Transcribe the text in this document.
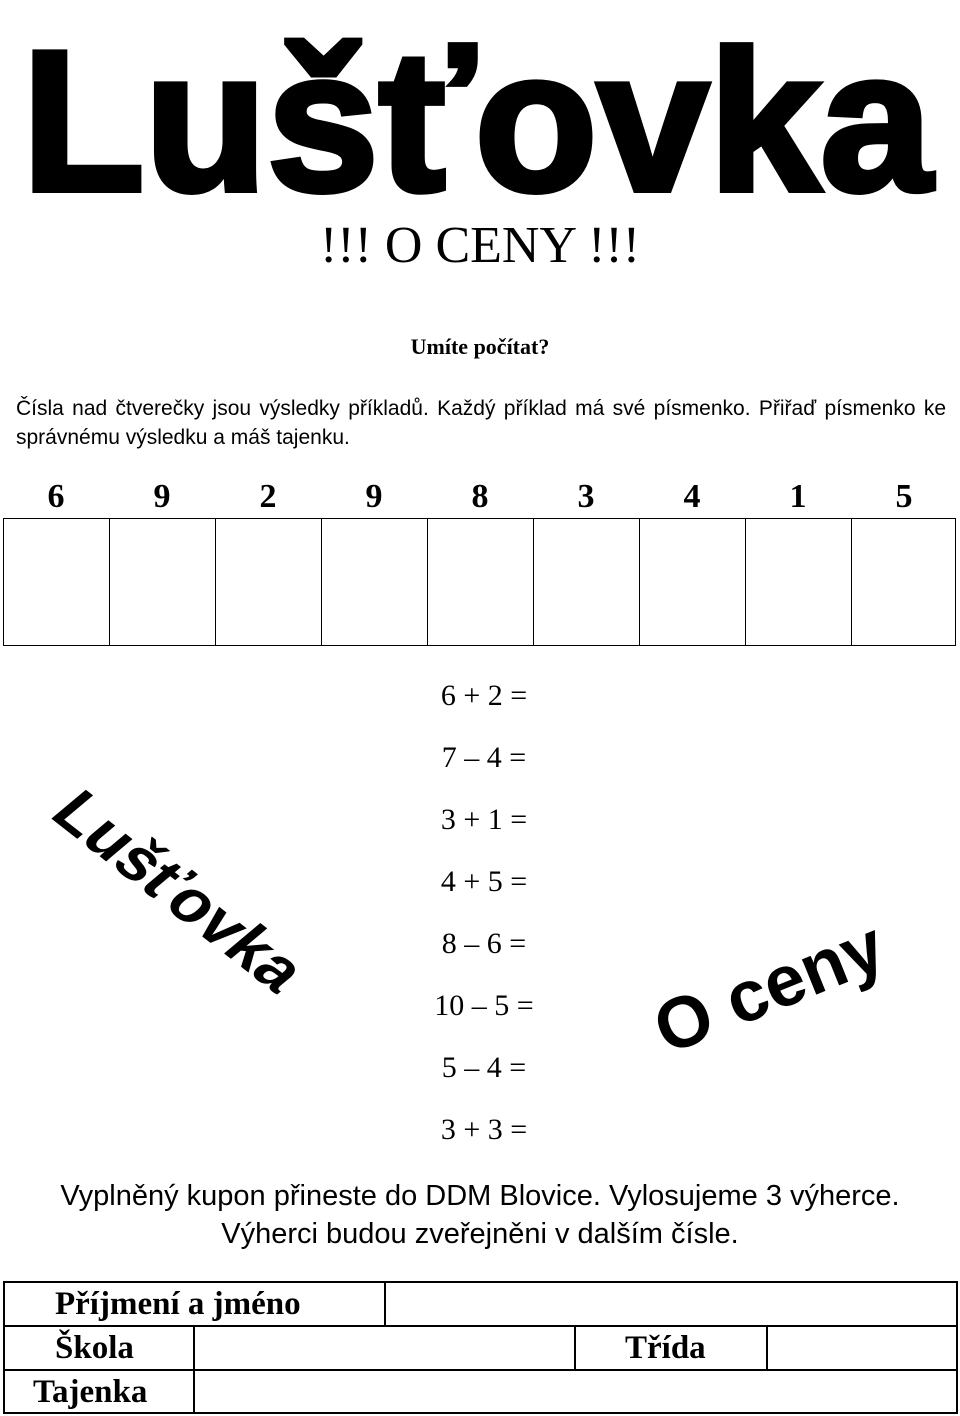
Lušťovka
!!! O CENY !!!
Umíte počítat?
Čísla nad čtverečky jsou výsledky příkladů. Každý příklad má své písmenko. Přiřaď písmenko ke správnému výsledku a máš tajenku.
6	9	2	9	8	3	4	1	5
6 + 2 =
7 – 4 =
3 + 1 =
4 + 5 =
8 – 6 =
10 – 5 =
5 – 4 =
3 + 3 =
Lušťovka	O ceny
Vyplněný kupon přineste do DDM Blovice. Vylosujeme 3 výherce.
Výherci budou zveřejněni v dalším čísle.
Příjmení a jméno
Škola	Třída
Tajenka
